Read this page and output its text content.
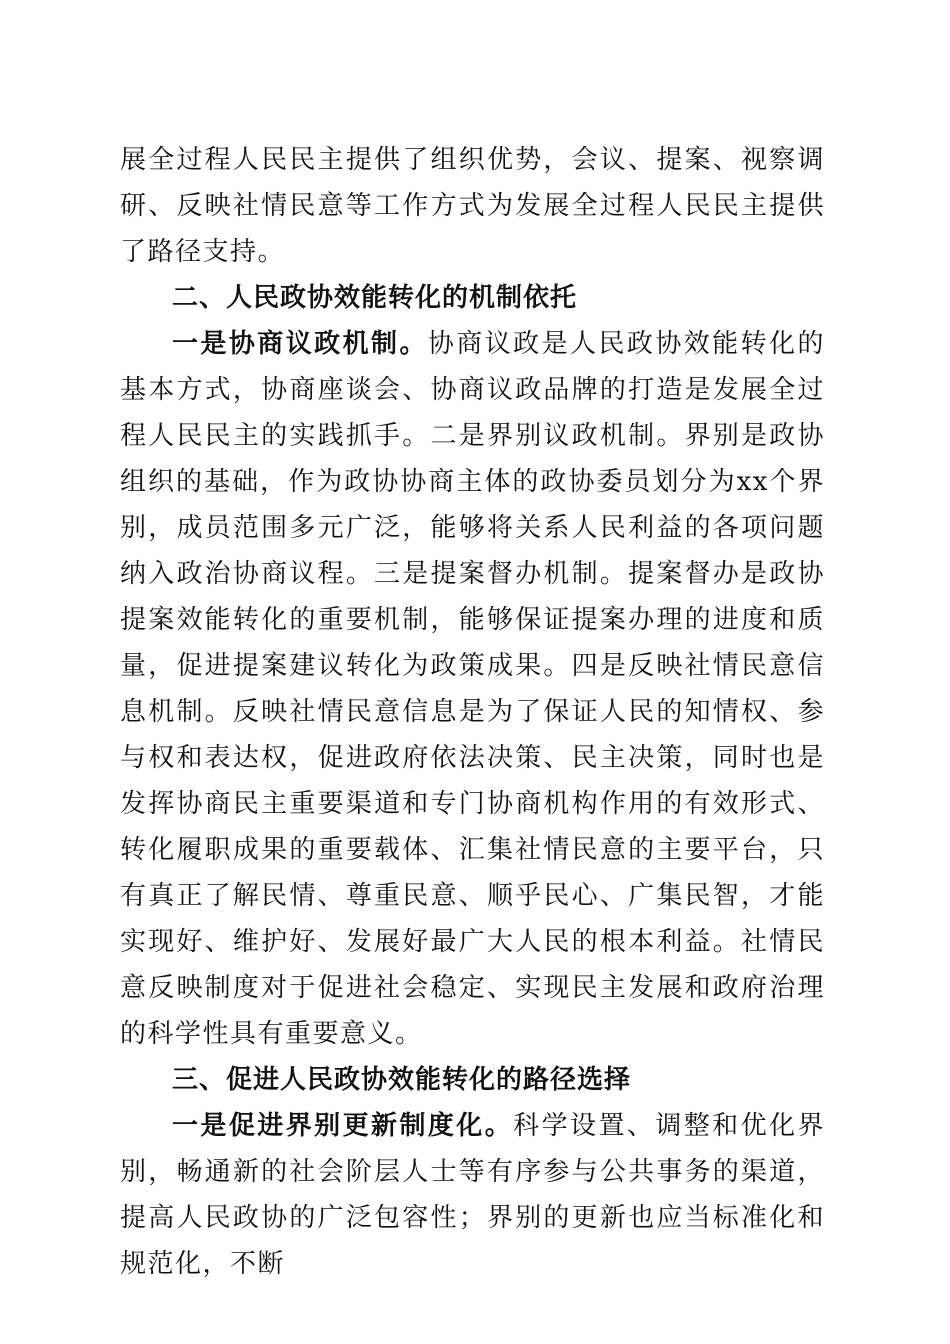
展全过程人民民主提供了组织优势，会议、提案、视察调研、反映社情民意等工作方式为发展全过程人民民主提供了路径支持。

二、人民政协效能转化的机制依托

一是协商议政机制。协商议政是人民政协效能转化的基本方式，协商座谈会、协商议政品牌的打造是发展全过程人民民主的实践抓手。二是界别议政机制。界别是政协组织的基础，作为政协协商主体的政协委员划分为xx个界别，成员范围多元广泛，能够将关系人民利益的各项问题纳入政治协商议程。三是提案督办机制。提案督办是政协提案效能转化的重要机制，能够保证提案办理的进度和质量，促进提案建议转化为政策成果。四是反映社情民意信息机制。反映社情民意信息是为了保证人民的知情权、参与权和表达权，促进政府依法决策、民主决策，同时也是发挥协商民主重要渠道和专门协商机构作用的有效形式、转化履职成果的重要载体、汇集社情民意的主要平台，只有真正了解民情、尊重民意、顺乎民心、广集民智，才能实现好、维护好、发展好最广大人民的根本利益。社情民意反映制度对于促进社会稳定、实现民主发展和政府治理的科学性具有重要意义。

三、促进人民政协效能转化的路径选择

一是促进界别更新制度化。科学设置、调整和优化界别，畅通新的社会阶层人士等有序参与公共事务的渠道，提高人民政协的广泛包容性；界别的更新也应当标准化和规范化，不断
